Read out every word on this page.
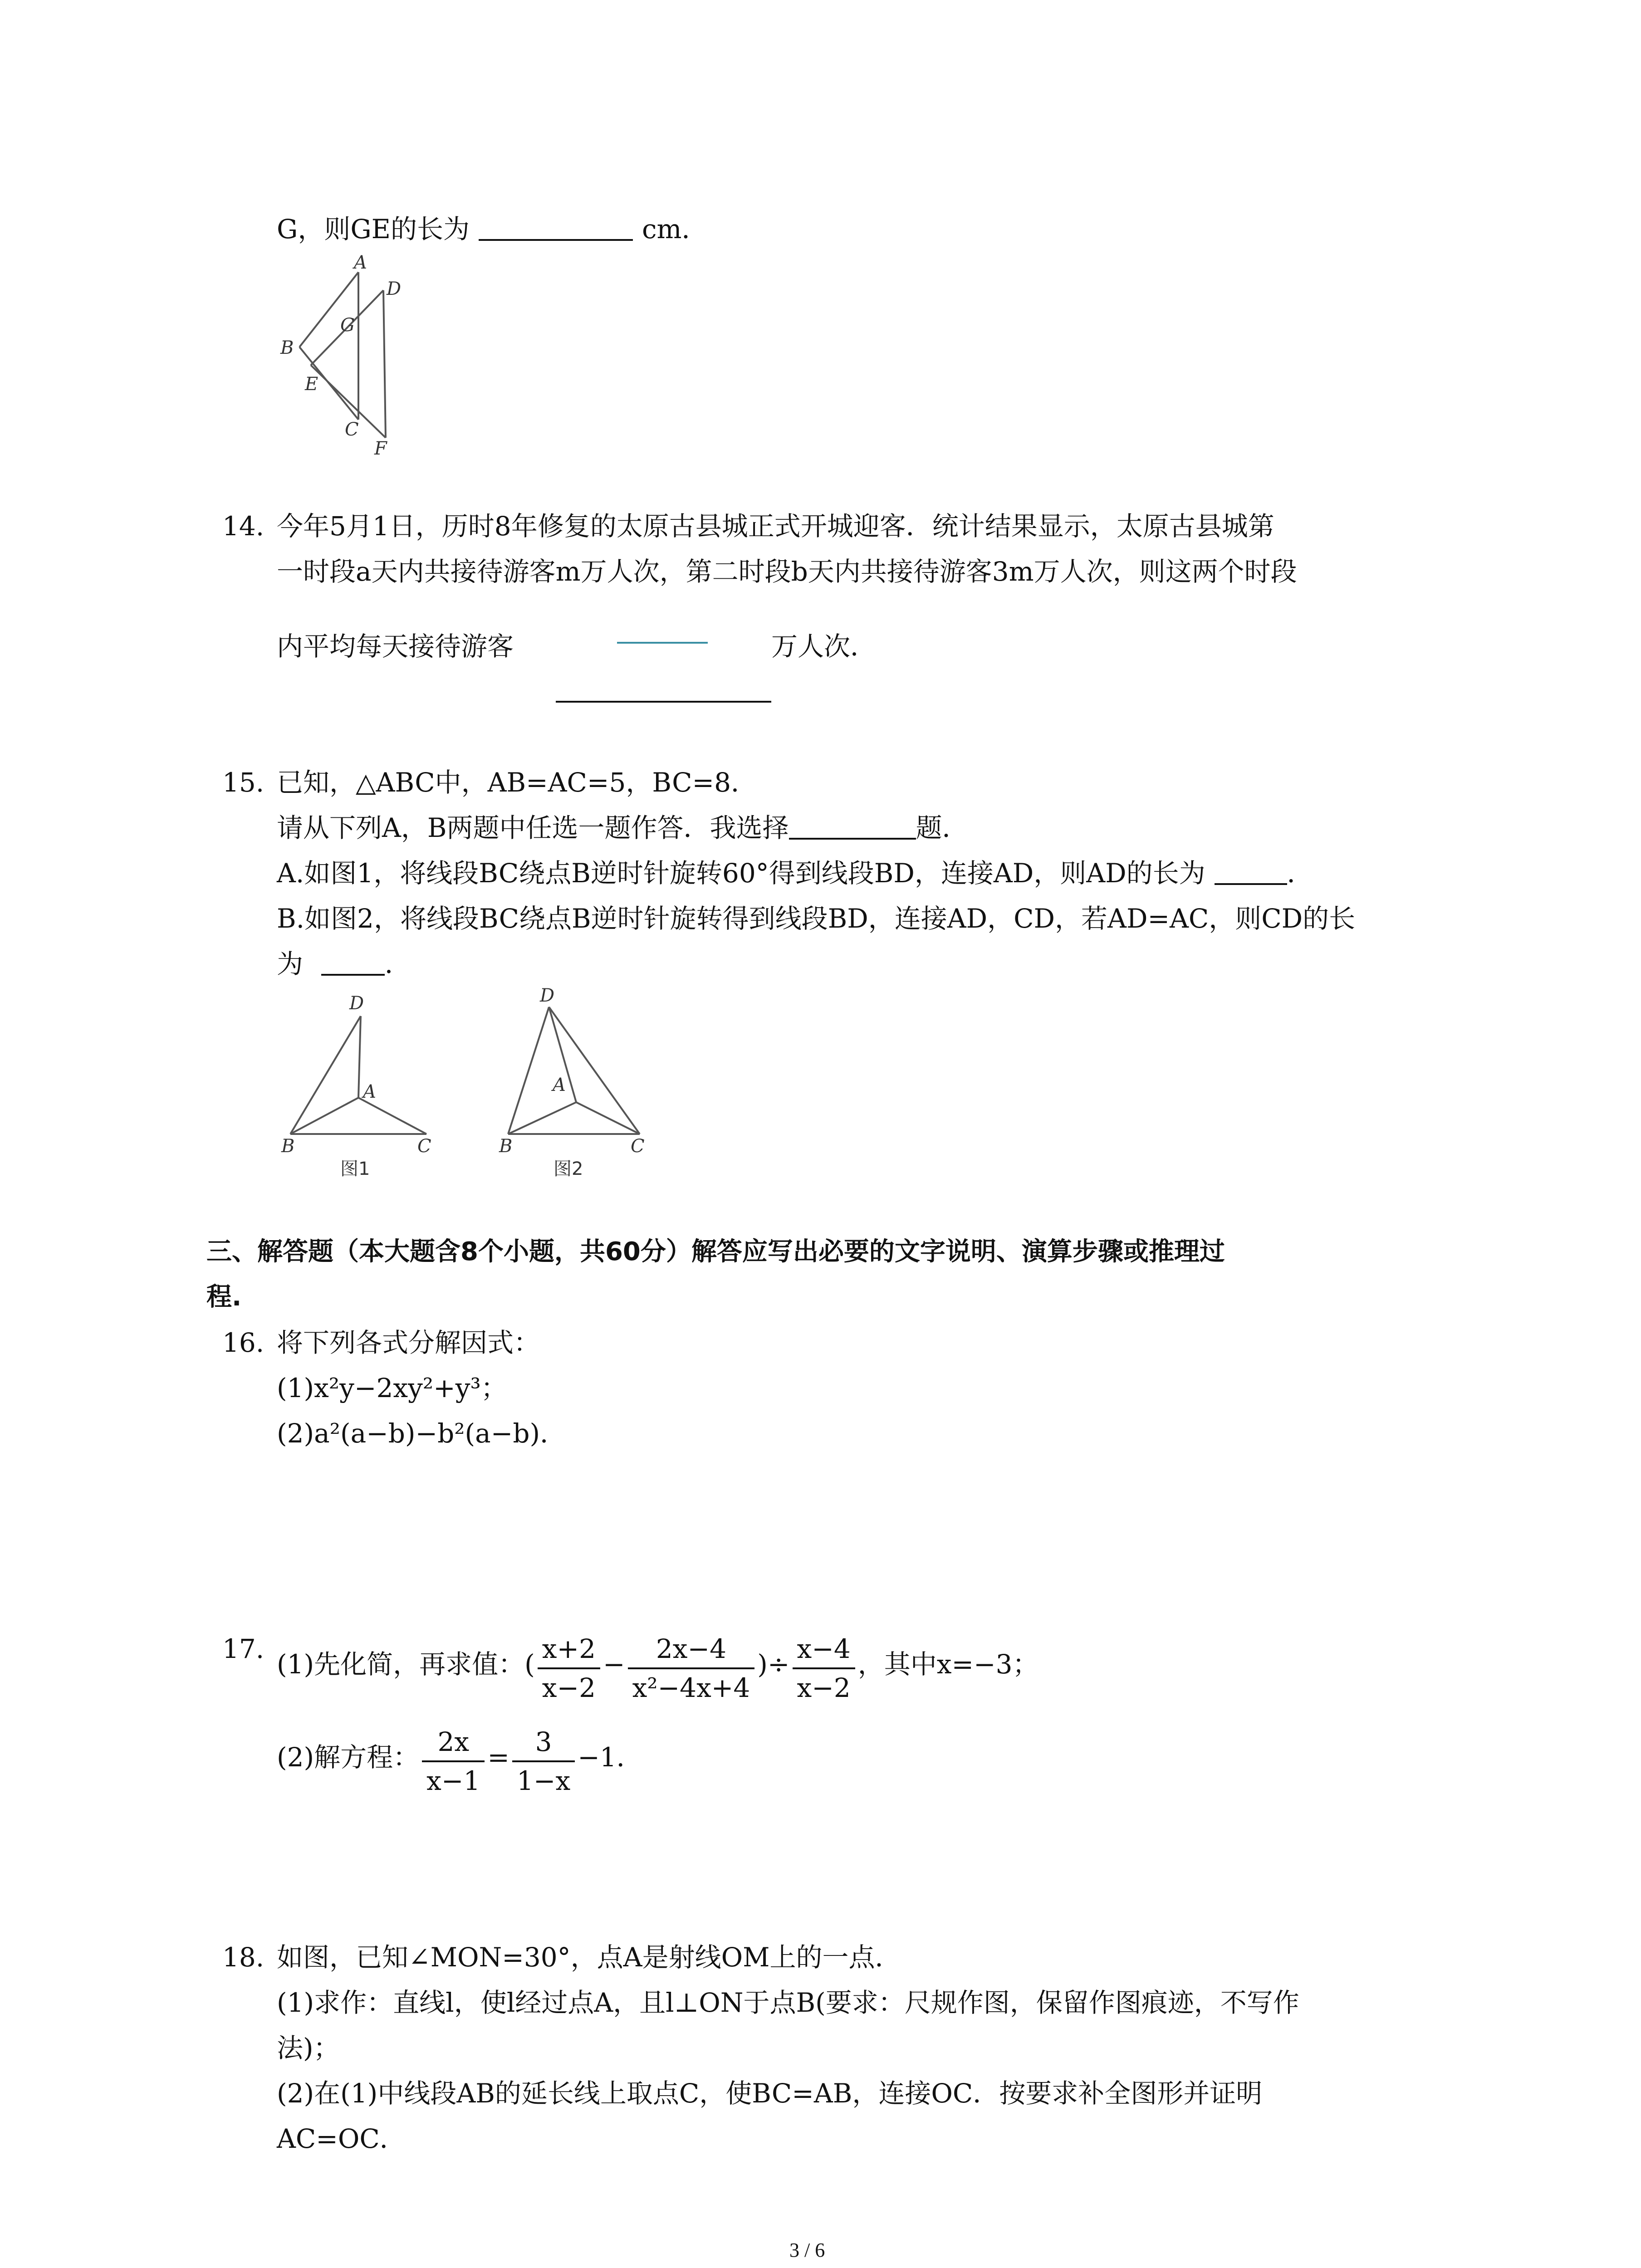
G，则GE的长为	cm．
A
D
G
B
E
C
F
14. 今年5月1日，历时8年修复的太原古县城正式开城迎客．统计结果显示，太原古县城第
一时段a天内共接待游客m万人次，第二时段b天内共接待游客3m万人次，则这两个时段
内平均每天接待游客	万人次．
15. 已知，△ABC中，AB=AC=5，BC=8．
请从下列A，B两题中任选一题作答．我选择	题．
A.如图1，将线段BC绕点B逆时针旋转60°得到线段BD，连接AD，则AD的长为	．
B.如图2，将线段BC绕点B逆时针旋转得到线段BD，连接AD，CD，若AD=AC，则CD的长
为	．
D
A
B	C
图1
D
A
B	C
图2
三、解答题（本大题含8个小题，共60分）解答应写出必要的文字说明、演算步骤或推理过
程.
16. 将下列各式分解因式：
(1)x²y−2xy²+y³；
(2)a²(a−b)−b²(a−b)．
17. (1)先化简，再求值：( $\frac{x+2}{x-2} - \frac{2x-4}{\text{x²−4x+4}}$ )÷ $\frac{x-4}{x-2}$ ，其中x=−3；
(2)解方程： $\frac{2x}{x-1} = \frac{3}{1-x} -1$．
18. 如图，已知∠MON=30°，点A是射线OM上的一点．
(1)求作：直线l，使l经过点A，且l⊥ON于点B(要求：尺规作图，保留作图痕迹，不写作
法)；
(2)在(1)中线段AB的延长线上取点C，使BC=AB，连接OC．按要求补全图形并证明
AC=OC．
3 / 6
